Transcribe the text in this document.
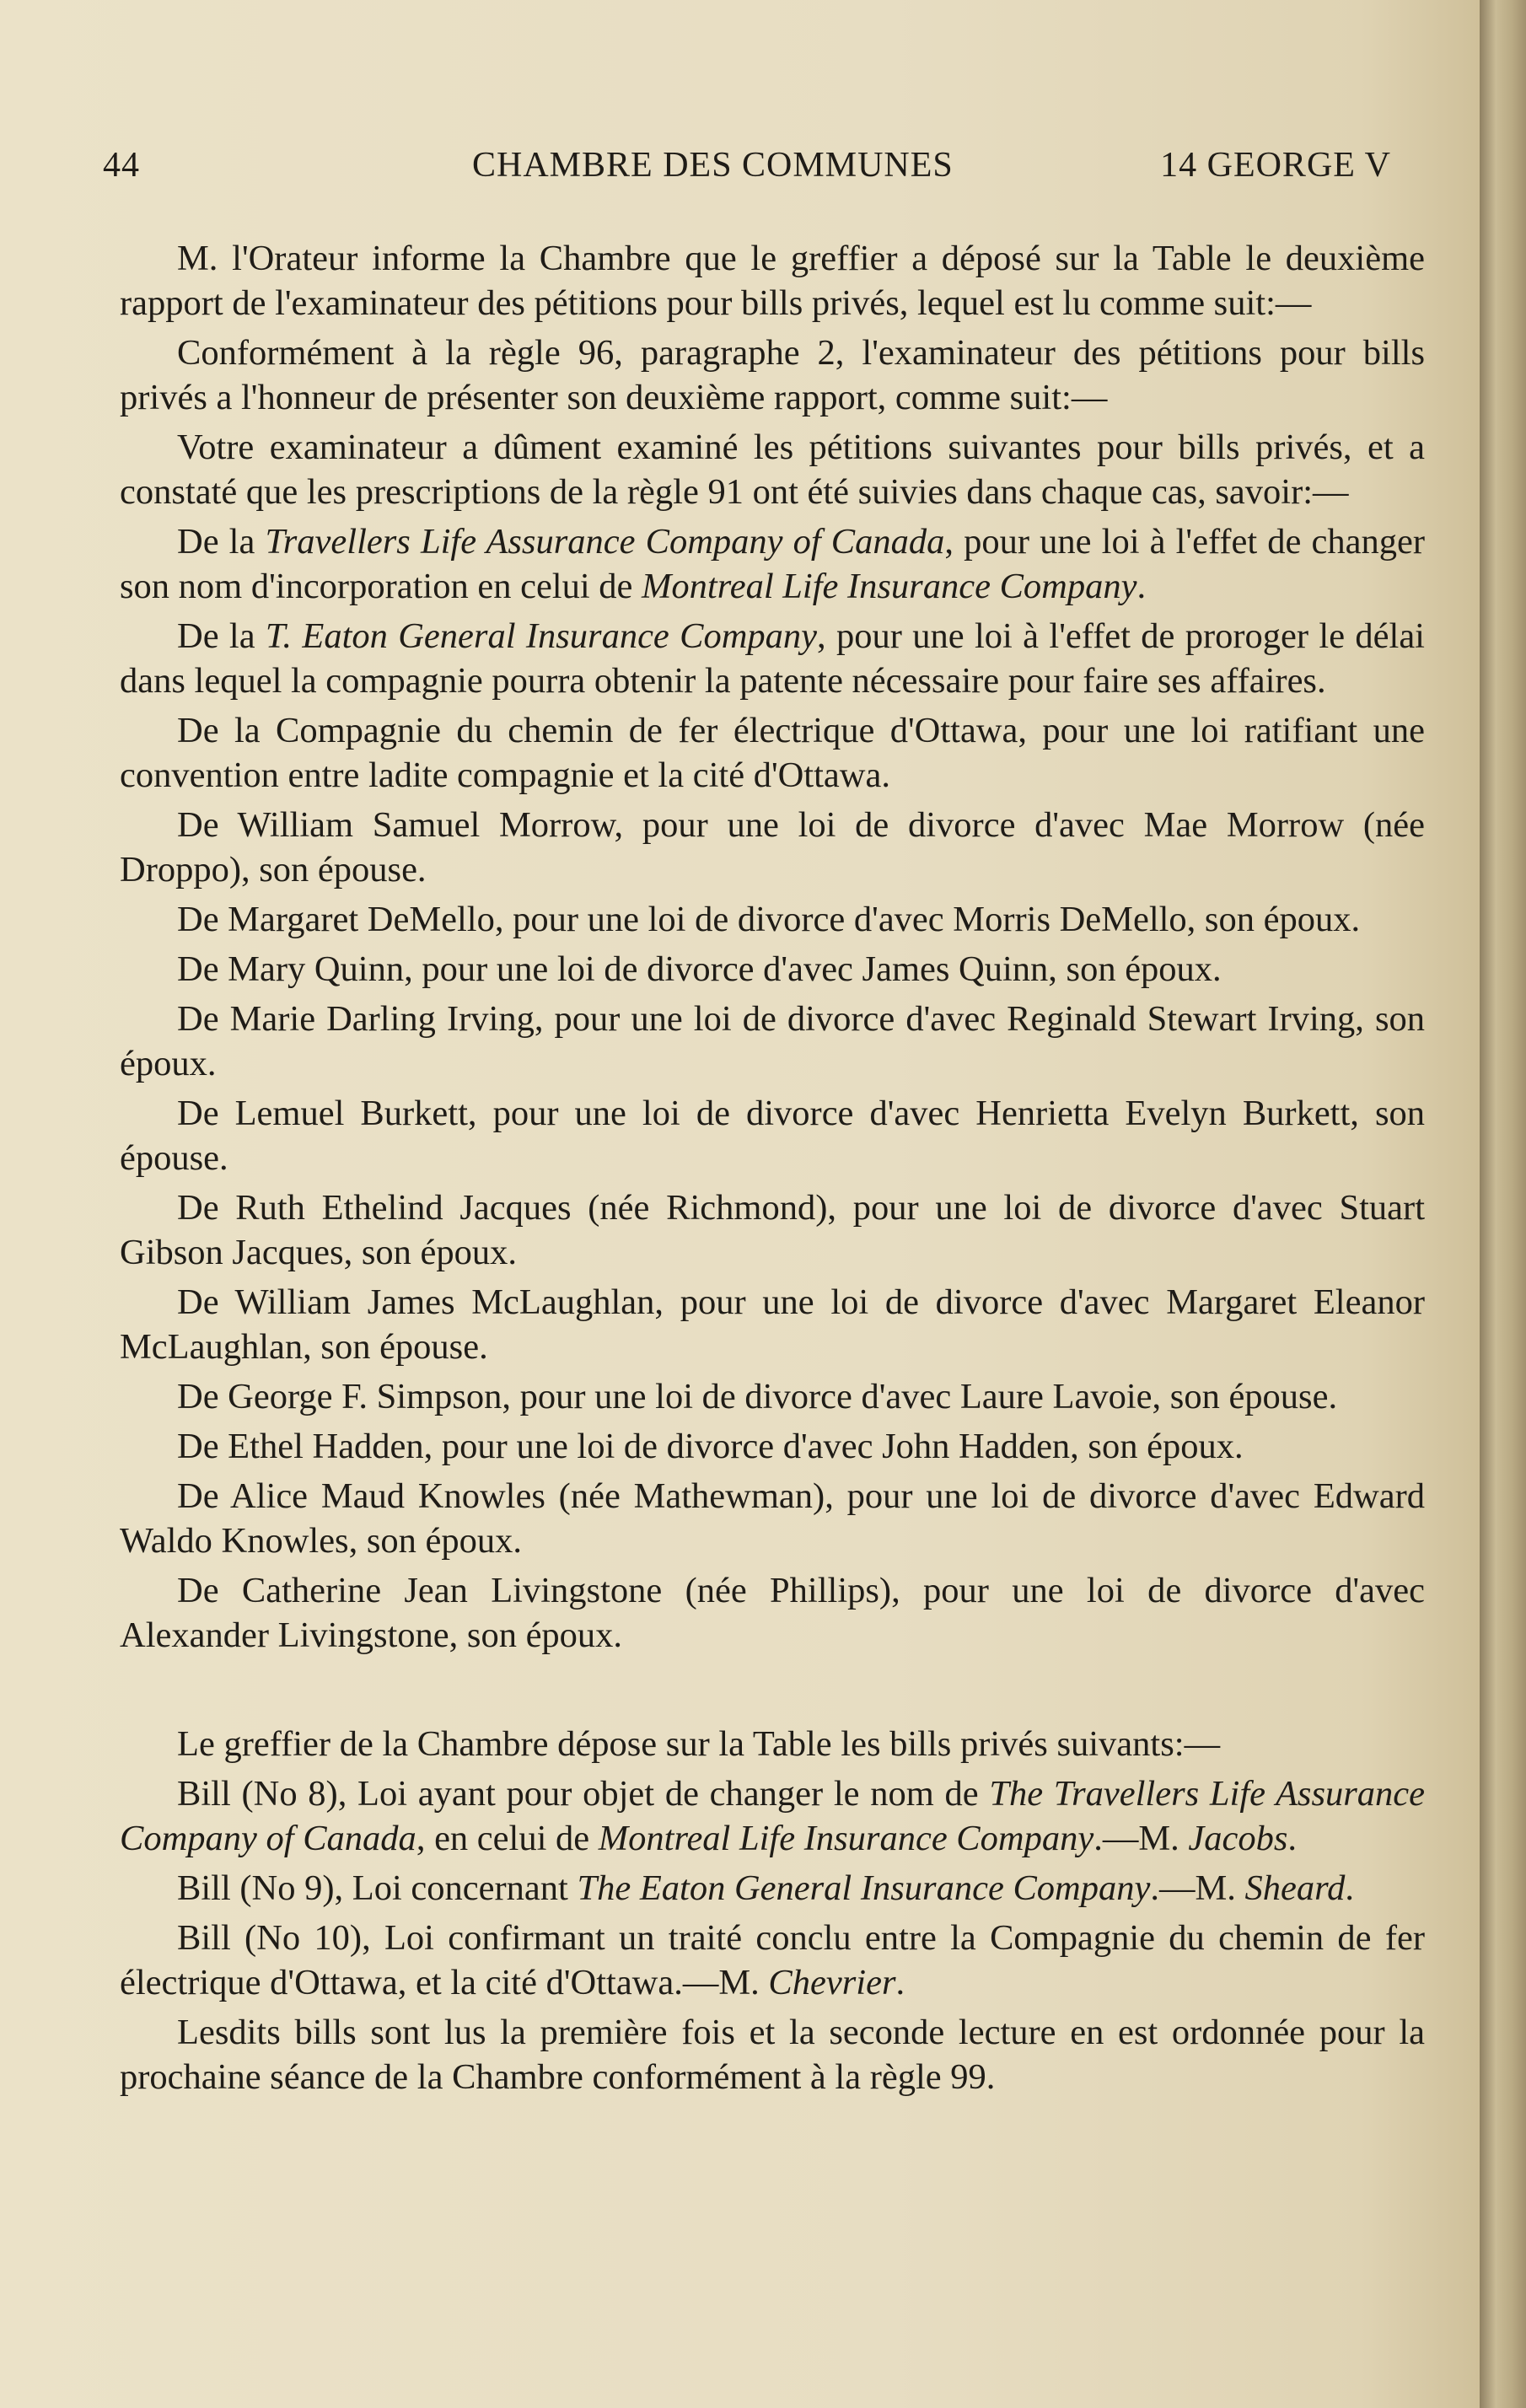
44	CHAMBRE DES COMMUNES	14 GEORGE V

M. l'Orateur informe la Chambre que le greffier a déposé sur la Table le deuxième rapport de l'examinateur des pétitions pour bills privés, lequel est lu comme suit:—

Conformément à la règle 96, paragraphe 2, l'examinateur des pétitions pour bills privés a l'honneur de présenter son deuxième rapport, comme suit:—

Votre examinateur a dûment examiné les pétitions suivantes pour bills privés, et a constaté que les prescriptions de la règle 91 ont été suivies dans chaque cas, savoir:—

De la Travellers Life Assurance Company of Canada, pour une loi à l'effet de changer son nom d'incorporation en celui de Montreal Life Insurance Company.

De la T. Eaton General Insurance Company, pour une loi à l'effet de proroger le délai dans lequel la compagnie pourra obtenir la patente nécessaire pour faire ses affaires.

De la Compagnie du chemin de fer électrique d'Ottawa, pour une loi ratifiant une convention entre ladite compagnie et la cité d'Ottawa.

De William Samuel Morrow, pour une loi de divorce d'avec Mae Morrow (née Droppo), son épouse.

De Margaret DeMello, pour une loi de divorce d'avec Morris DeMello, son époux.

De Mary Quinn, pour une loi de divorce d'avec James Quinn, son époux.

De Marie Darling Irving, pour une loi de divorce d'avec Reginald Stewart Irving, son époux.

De Lemuel Burkett, pour une loi de divorce d'avec Henrietta Evelyn Burkett, son épouse.

De Ruth Ethelind Jacques (née Richmond), pour une loi de divorce d'avec Stuart Gibson Jacques, son époux.

De William James McLaughlan, pour une loi de divorce d'avec Margaret Eleanor McLaughlan, son épouse.

De George F. Simpson, pour une loi de divorce d'avec Laure Lavoie, son épouse.

De Ethel Hadden, pour une loi de divorce d'avec John Hadden, son époux.

De Alice Maud Knowles (née Mathewman), pour une loi de divorce d'avec Edward Waldo Knowles, son époux.

De Catherine Jean Livingstone (née Phillips), pour une loi de divorce d'avec Alexander Livingstone, son époux.

Le greffier de la Chambre dépose sur la Table les bills privés suivants:—

Bill (No 8), Loi ayant pour objet de changer le nom de The Travellers Life Assurance Company of Canada, en celui de Montreal Life Insurance Company.—M. Jacobs.

Bill (No 9), Loi concernant The Eaton General Insurance Company.—M. Sheard.

Bill (No 10), Loi confirmant un traité conclu entre la Compagnie du chemin de fer électrique d'Ottawa, et la cité d'Ottawa.—M. Chevrier.

Lesdits bills sont lus la première fois et la seconde lecture en est ordonnée pour la prochaine séance de la Chambre conformément à la règle 99.
